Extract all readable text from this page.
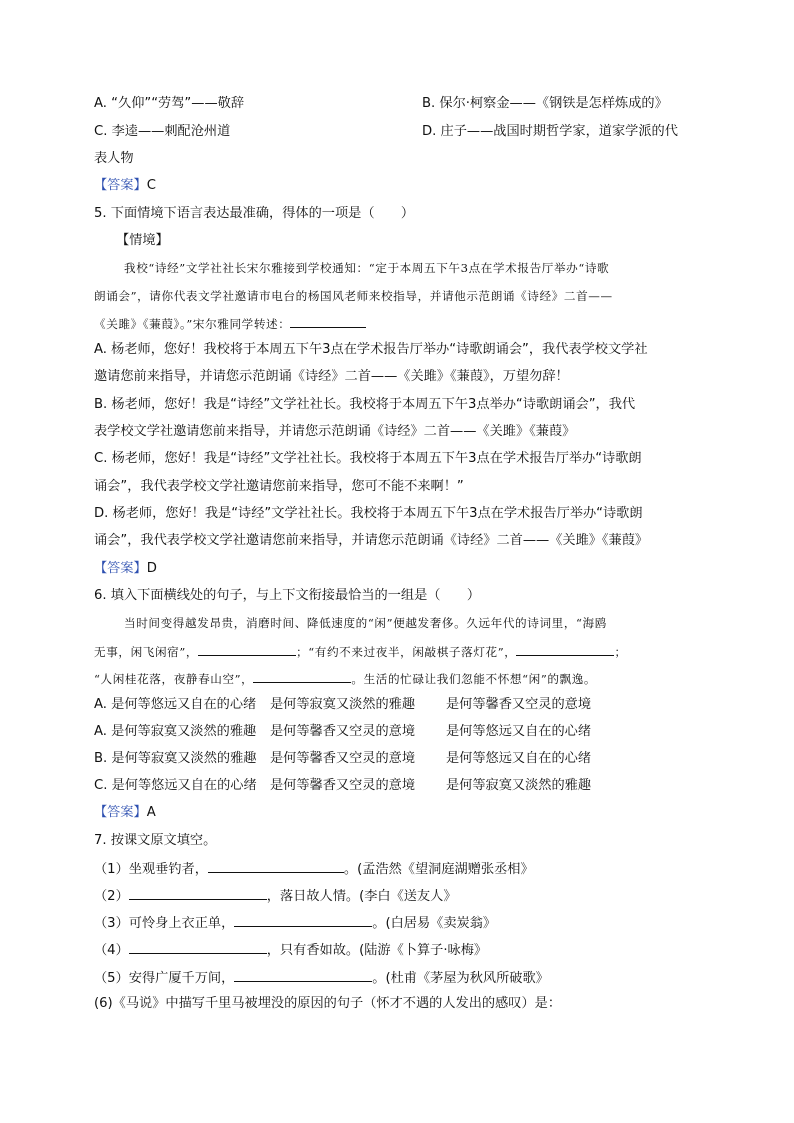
A. “久仰”“劳驾”——敬辞	B. 保尔·柯察金——《钢铁是怎样炼成的》
C. 李逵——刺配沧州道	D. 庄子——战国时期哲学家，道家学派的代
表人物
【答案】C
5. 下面情境下语言表达最准确，得体的一项是（　　）
【情境】
我校“诗经”文学社社长宋尔雅接到学校通知：“定于本周五下午3点在学术报告厅举办“诗歌
朗诵会”，请你代表文学社邀请市电台的杨国风老师来校指导，并请他示范朗诵《诗经》二首——
《关雎》《蒹葭》。”宋尔雅同学转述：
A. 杨老师，您好！我校将于本周五下午3点在学术报告厅举办“诗歌朗诵会”，我代表学校文学社
邀请您前来指导，并请您示范朗诵《诗经》二首——《关雎》《蒹葭》，万望勿辞！
B. 杨老师，您好！我是“诗经”文学社社长。我校将于本周五下午3点举办“诗歌朗诵会”，我代
表学校文学社邀请您前来指导，并请您示范朗诵《诗经》二首——《关雎》《蒹葭》
C. 杨老师，您好！我是“诗经”文学社社长。我校将于本周五下午3点在学术报告厅举办“诗歌朗
诵会”，我代表学校文学社邀请您前来指导，您可不能不来啊！”
D. 杨老师，您好！我是“诗经”文学社社长。我校将于本周五下午3点在学术报告厅举办“诗歌朗
诵会”，我代表学校文学社邀请您前来指导，并请您示范朗诵《诗经》二首——《关雎》《蒹葭》
【答案】D
6. 填入下面横线处的句子，与上下文衔接最恰当的一组是（　　）
当时间变得越发昂贵，消磨时间、降低速度的“闲”便越发奢侈。久远年代的诗词里，“海鸥
无事，闲飞闲宿”，	；“有约不来过夜半，闲敲棋子落灯花”，	；
“人闲桂花落，夜静春山空”，	。生活的忙碌让我们忽能不怀想“闲”的飘逸。
A. 是何等悠远又自在的心绪 是何等寂寞又淡然的雅趣 是何等馨香又空灵的意境
A. 是何等寂寞又淡然的雅趣 是何等馨香又空灵的意境 是何等悠远又自在的心绪
B. 是何等寂寞又淡然的雅趣 是何等馨香又空灵的意境 是何等悠远又自在的心绪
C. 是何等悠远又自在的心绪 是何等馨香又空灵的意境 是何等寂寞又淡然的雅趣
【答案】A
7. 按课文原文填空。
（1）坐观垂钓者，	。(孟浩然《望洞庭湖赠张丞相》
（2）	，落日故人情。(李白《送友人》
（3）可怜身上衣正单，	。(白居易《卖炭翁》
（4）	，只有香如故。(陆游《卜算子·咏梅》
（5）安得广厦千万间，	。(杜甫《茅屋为秋风所破歌》
(6)《马说》中描写千里马被埋没的原因的句子（怀才不遇的人发出的感叹）是：
